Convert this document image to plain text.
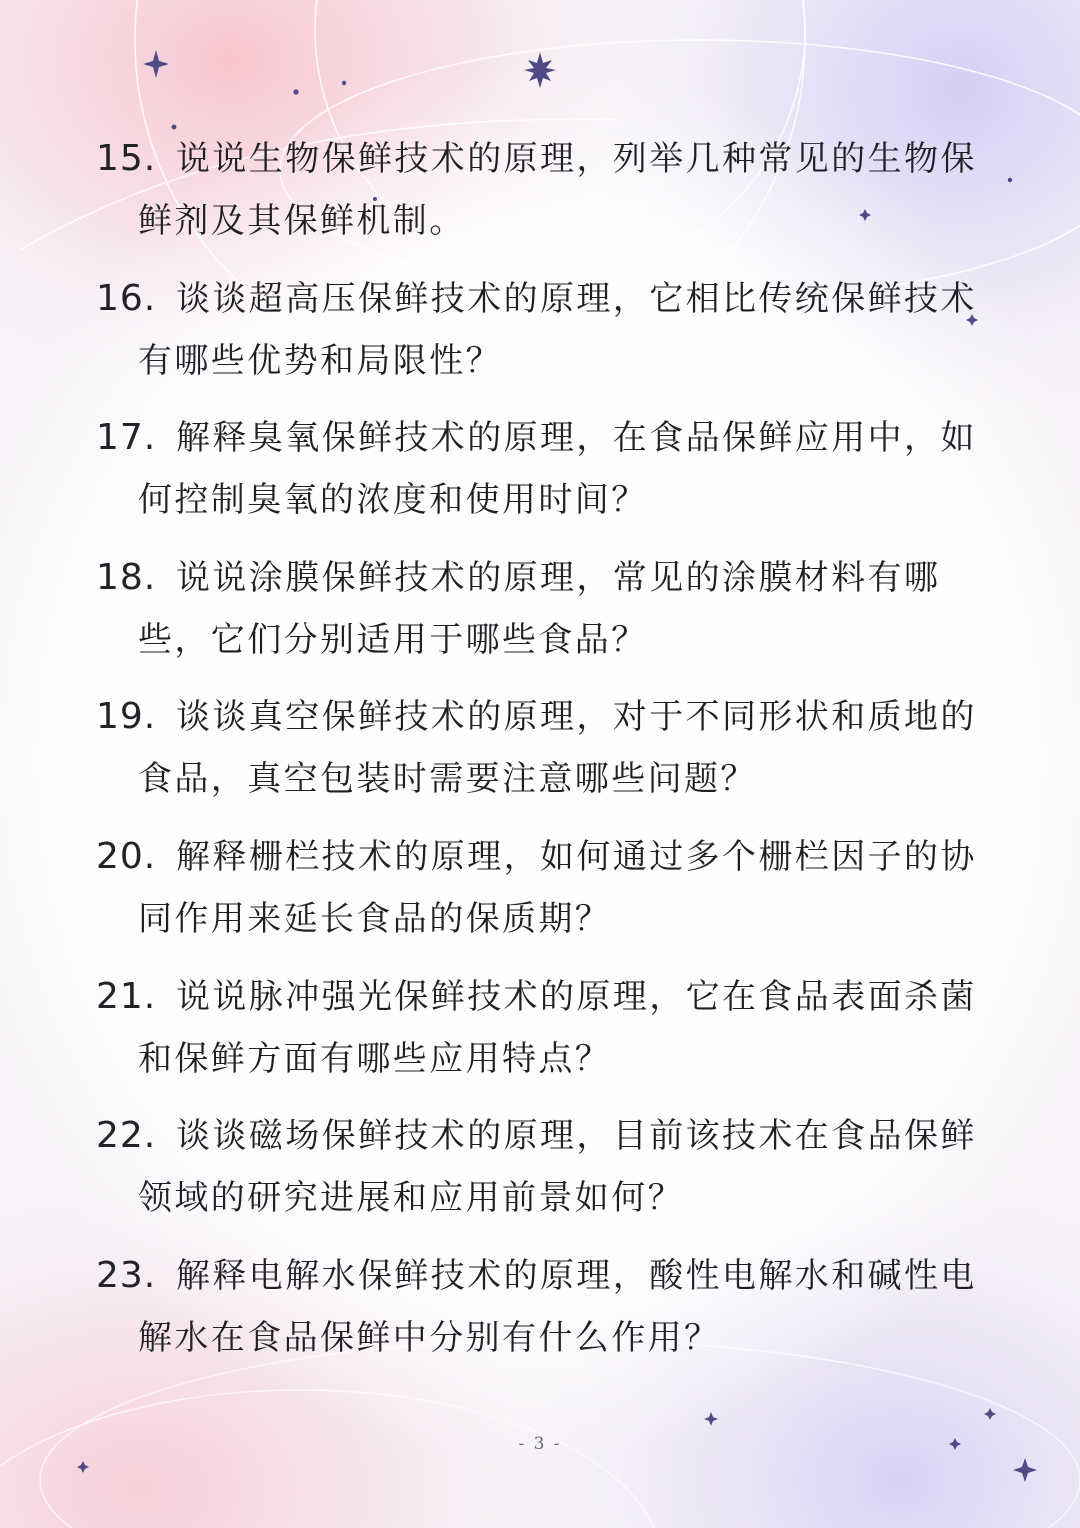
15. 说说生物保鲜技术的原理，列举几种常见的生物保鲜剂及其保鲜机制。
16. 谈谈超高压保鲜技术的原理，它相比传统保鲜技术有哪些优势和局限性？
17. 解释臭氧保鲜技术的原理，在食品保鲜应用中，如何控制臭氧的浓度和使用时间？
18. 说说涂膜保鲜技术的原理，常见的涂膜材料有哪些，它们分别适用于哪些食品？
19. 谈谈真空保鲜技术的原理，对于不同形状和质地的食品，真空包装时需要注意哪些问题？
20. 解释栅栏技术的原理，如何通过多个栅栏因子的协同作用来延长食品的保质期？
21. 说说脉冲强光保鲜技术的原理，它在食品表面杀菌和保鲜方面有哪些应用特点？
22. 谈谈磁场保鲜技术的原理，目前该技术在食品保鲜领域的研究进展和应用前景如何？
23. 解释电解水保鲜技术的原理，酸性电解水和碱性电解水在食品保鲜中分别有什么作用？
- 3 -
